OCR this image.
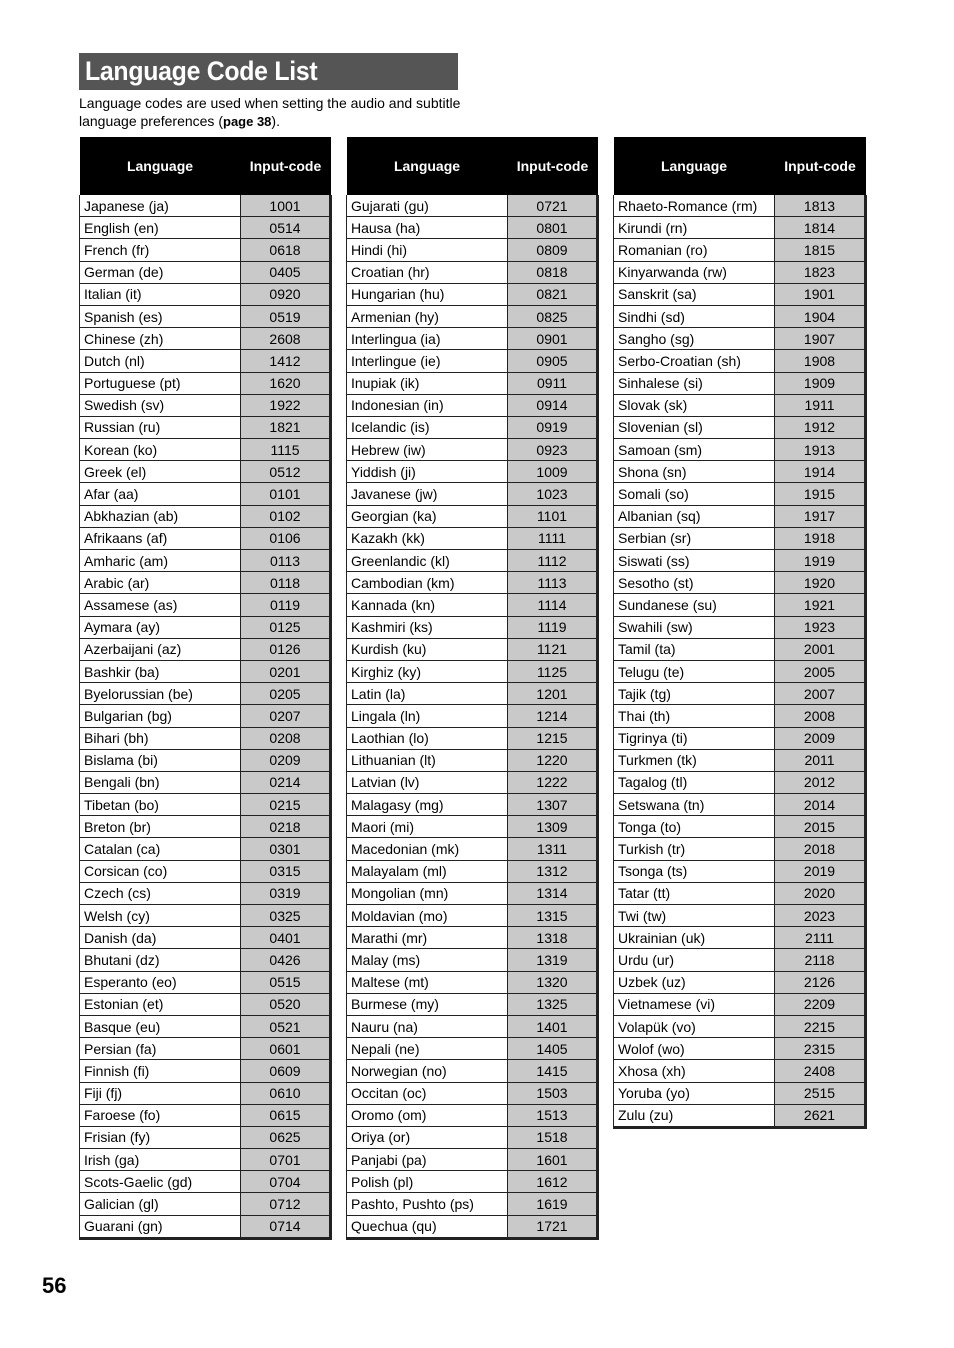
Language Code List
Language codes are used when setting the audio and subtitle language preferences (page 38).
Language	Input-code
Japanese (ja)	1001
English (en)	0514
French (fr)	0618
German (de)	0405
Italian (it)	0920
Spanish (es)	0519
Chinese (zh)	2608
Dutch (nl)	1412
Portuguese (pt)	1620
Swedish (sv)	1922
Russian (ru)	1821
Korean (ko)	1115
Greek (el)	0512
Afar (aa)	0101
Abkhazian (ab)	0102
Afrikaans (af)	0106
Amharic (am)	0113
Arabic (ar)	0118
Assamese (as)	0119
Aymara (ay)	0125
Azerbaijani (az)	0126
Bashkir (ba)	0201
Byelorussian (be)	0205
Bulgarian (bg)	0207
Bihari (bh)	0208
Bislama (bi)	0209
Bengali (bn)	0214
Tibetan (bo)	0215
Breton (br)	0218
Catalan (ca)	0301
Corsican (co)	0315
Czech (cs)	0319
Welsh (cy)	0325
Danish (da)	0401
Bhutani (dz)	0426
Esperanto (eo)	0515
Estonian (et)	0520
Basque (eu)	0521
Persian (fa)	0601
Finnish (fi)	0609
Fiji (fj)	0610
Faroese (fo)	0615
Frisian (fy)	0625
Irish (ga)	0701
Scots-Gaelic (gd)	0704
Galician (gl)	0712
Guarani (gn)	0714
Language	Input-code
Gujarati (gu)	0721
Hausa (ha)	0801
Hindi (hi)	0809
Croatian (hr)	0818
Hungarian (hu)	0821
Armenian (hy)	0825
Interlingua (ia)	0901
Interlingue (ie)	0905
Inupiak (ik)	0911
Indonesian (in)	0914
Icelandic (is)	0919
Hebrew (iw)	0923
Yiddish (ji)	1009
Javanese (jw)	1023
Georgian (ka)	1101
Kazakh (kk)	1111
Greenlandic (kl)	1112
Cambodian (km)	1113
Kannada (kn)	1114
Kashmiri (ks)	1119
Kurdish (ku)	1121
Kirghiz (ky)	1125
Latin (la)	1201
Lingala (ln)	1214
Laothian (lo)	1215
Lithuanian (lt)	1220
Latvian (lv)	1222
Malagasy (mg)	1307
Maori (mi)	1309
Macedonian (mk)	1311
Malayalam (ml)	1312
Mongolian (mn)	1314
Moldavian (mo)	1315
Marathi (mr)	1318
Malay (ms)	1319
Maltese (mt)	1320
Burmese (my)	1325
Nauru (na)	1401
Nepali (ne)	1405
Norwegian (no)	1415
Occitan (oc)	1503
Oromo (om)	1513
Oriya (or)	1518
Panjabi (pa)	1601
Polish (pl)	1612
Pashto, Pushto (ps)	1619
Quechua (qu)	1721
Language	Input-code
Rhaeto-Romance (rm)	1813
Kirundi (rn)	1814
Romanian (ro)	1815
Kinyarwanda (rw)	1823
Sanskrit (sa)	1901
Sindhi (sd)	1904
Sangho (sg)	1907
Serbo-Croatian (sh)	1908
Sinhalese (si)	1909
Slovak (sk)	1911
Slovenian (sl)	1912
Samoan (sm)	1913
Shona (sn)	1914
Somali (so)	1915
Albanian (sq)	1917
Serbian (sr)	1918
Siswati (ss)	1919
Sesotho (st)	1920
Sundanese (su)	1921
Swahili (sw)	1923
Tamil (ta)	2001
Telugu (te)	2005
Tajik (tg)	2007
Thai (th)	2008
Tigrinya (ti)	2009
Turkmen (tk)	2011
Tagalog (tl)	2012
Setswana (tn)	2014
Tonga (to)	2015
Turkish (tr)	2018
Tsonga (ts)	2019
Tatar (tt)	2020
Twi (tw)	2023
Ukrainian (uk)	2111
Urdu (ur)	2118
Uzbek (uz)	2126
Vietnamese (vi)	2209
Volapük (vo)	2215
Wolof (wo)	2315
Xhosa (xh)	2408
Yoruba (yo)	2515
Zulu (zu)	2621
56
